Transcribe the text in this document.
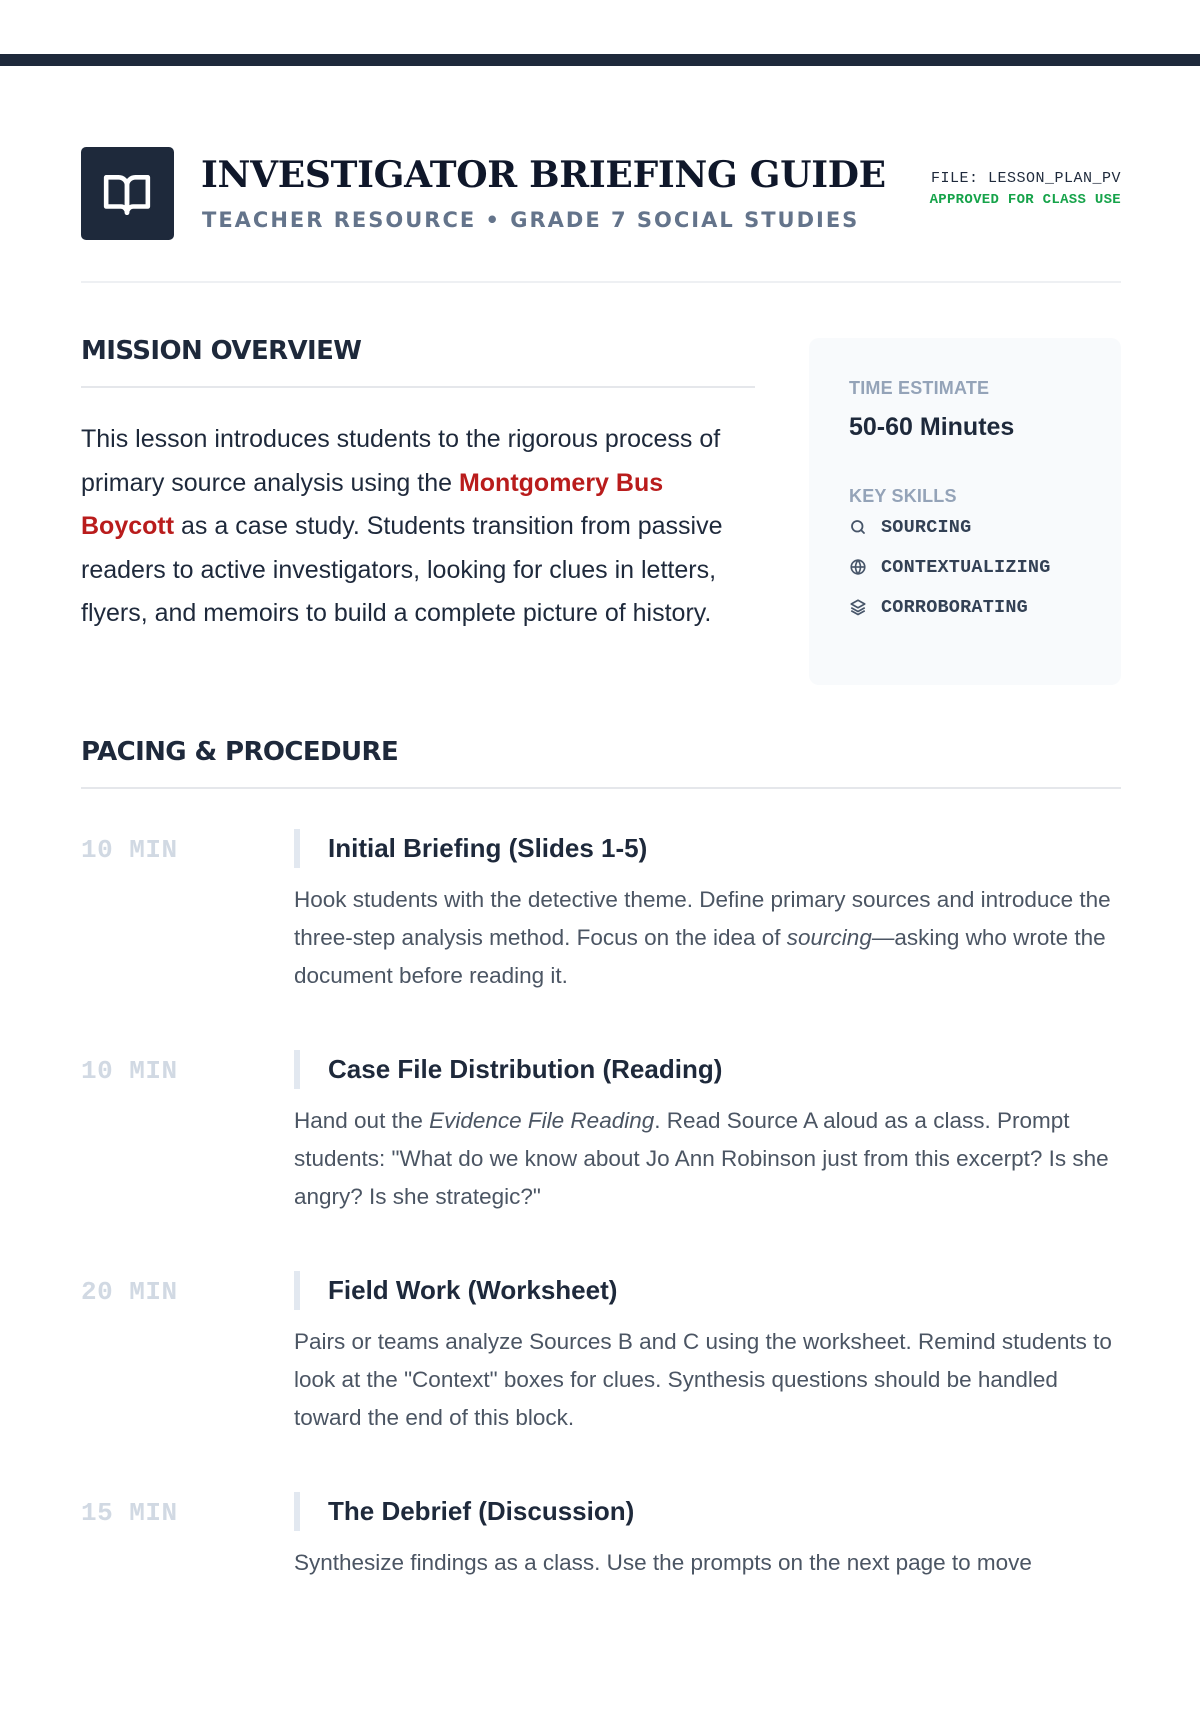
INVESTIGATOR BRIEFING GUIDE
TEACHER RESOURCE • GRADE 7 SOCIAL STUDIES
FILE: LESSON_PLAN_PV
APPROVED FOR CLASS USE
MISSION OVERVIEW

This lesson introduces students to the rigorous process of primary source analysis using the Montgomery Bus Boycott as a case study. Students transition from passive readers to active investigators, looking for clues in letters, flyers, and memoirs to build a complete picture of history.

TIME ESTIMATE
50-60 Minutes
KEY SKILLS
SOURCING
CONTEXTUALIZING
CORROBORATING
PACING & PROCEDURE
10 MIN	Initial Briefing (Slides 1-5)

Hook students with the detective theme. Define primary sources and introduce the three-step analysis method. Focus on the idea of sourcing—asking who wrote the document before reading it.

10 MIN	Case File Distribution (Reading)

Hand out the Evidence File Reading. Read Source A aloud as a class. Prompt students: "What do we know about Jo Ann Robinson just from this excerpt? Is she angry? Is she strategic?"

20 MIN	Field Work (Worksheet)

Pairs or teams analyze Sources B and C using the worksheet. Remind students to look at the "Context" boxes for clues. Synthesis questions should be handled toward the end of this block.

15 MIN	The Debrief (Discussion)

Synthesize findings as a class. Use the prompts on the next page to move
